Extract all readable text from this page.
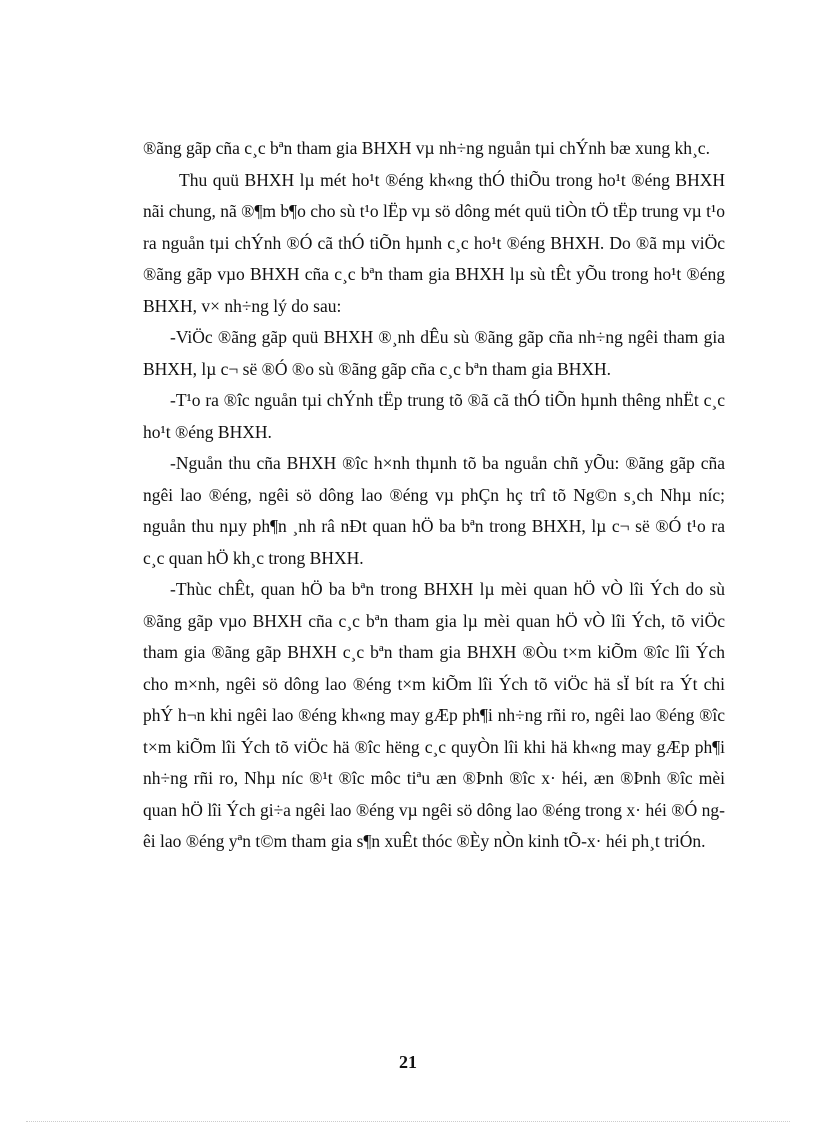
®ãng gãp cña c¸c bªn tham gia BHXH vµ nh÷ng nguån tµi chÝnh bæ xung kh¸c.

Thu quü BHXH lµ mét ho¹t ®éng kh«ng thÓ thiÕu trong ho¹t ®éng BHXH nãi chung, nã ®¶m b¶o cho sù t¹o lËp vµ sö dông mét quü tiÒn tÖ tËp trung vµ t¹o ra nguån tµi chÝnh ®Ó cã thÓ tiÕn hµnh c¸c ho¹t ®éng BHXH. Do ®ã mµ viÖc ®ãng gãp vµo BHXH cña c¸c bªn tham gia BHXH lµ sù tÊt yÕu trong ho¹t ®éng BHXH, v× nh÷ng lý do sau:

-ViÖc ®ãng gãp quü BHXH ®¸nh dÊu sù ®ãng gãp cña nh÷ng ngêi tham gia BHXH, lµ c¬ së ®Ó ®o sù ®ãng gãp cña c¸c bªn tham gia BHXH.

-T¹o ra ®îc nguån tµi chÝnh tËp trung tõ ®ã cã thÓ tiÕn hµnh thêng nhËt c¸c ho¹t ®éng BHXH.

-Nguån thu cña BHXH ®îc h×nh thµnh tõ ba nguån chñ yÕu: ®ãng gãp cña ngêi lao ®éng, ngêi sö dông lao ®éng vµ phÇn hç trî tõ Ng©n s¸ch Nhµ níc; nguån thu nµy ph¶n ¸nh râ nÐt quan hÖ ba bªn trong BHXH, lµ c¬ së ®Ó t¹o ra c¸c quan hÖ kh¸c trong BHXH.

-Thùc chÊt, quan hÖ ba bªn trong BHXH lµ mèi quan hÖ vÒ lîi Ých do sù ®ãng gãp vµo BHXH cña c¸c bªn tham gia lµ mèi quan hÖ vÒ lîi Ých, tõ viÖc tham gia ®ãng gãp BHXH c¸c bªn tham gia BHXH ®Òu t×m kiÕm ®îc lîi Ých cho m×nh, ngêi sö dông lao ®éng t×m kiÕm lîi Ých tõ viÖc hä sÏ bít ra Ýt chi phÝ h¬n khi ngêi lao ®éng kh«ng may gÆp ph¶i nh÷ng rñi ro, ngêi lao ®éng ®îc t×m kiÕm lîi Ých tõ viÖc hä ®îc hëng c¸c quyÒn lîi khi hä kh«ng may gÆp ph¶i nh÷ng rñi ro, Nhµ níc ®¹t ®îc môc tiªu æn ®Þnh ®îc x· héi, æn ®Þnh ®îc mèi quan hÖ lîi Ých gi÷a ngêi lao ®éng vµ ngêi sö dông lao ®éng trong x· héi ®Ó ngêi lao ®éng yªn t©m tham gia s¶n xuÊt thóc ®Èy nÒn kinh tÕ-x· héi ph¸t triÓn.

21
